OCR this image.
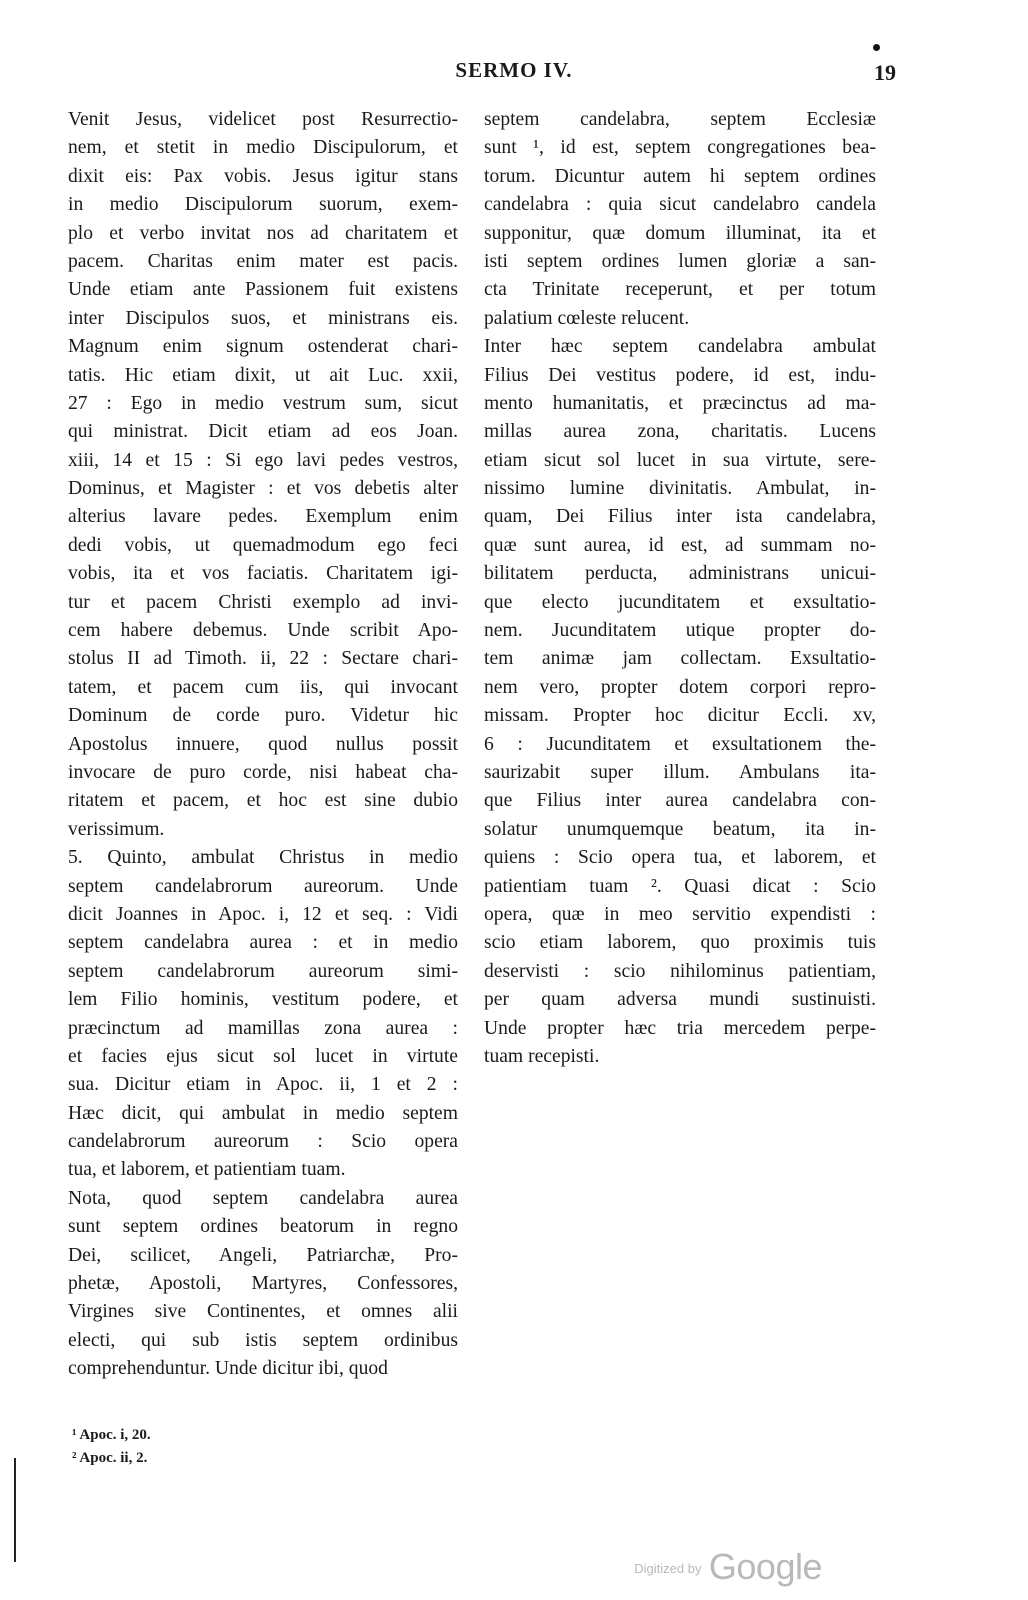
SERMO IV.	19
Venit Jesus, videlicet post Resurrectio-
nem, et stetit in medio Discipulorum, et
dixit eis: Pax vobis. Jesus igitur stans
in medio Discipulorum suorum, exem-
plo et verbo invitat nos ad charitatem et
pacem. Charitas enim mater est pacis.
Unde etiam ante Passionem fuit existens
inter Discipulos suos, et ministrans eis.
Magnum enim signum ostenderat chari-
tatis. Hic etiam dixit, ut ait Luc. xxii,
27 : Ego in medio vestrum sum, sicut
qui ministrat. Dicit etiam ad eos Joan.
xiii, 14 et 15 : Si ego lavi pedes vestros,
Dominus, et Magister : et vos debetis alter
alterius lavare pedes. Exemplum enim
dedi vobis, ut quemadmodum ego feci
vobis, ita et vos faciatis. Charitatem igi-
tur et pacem Christi exemplo ad invi-
cem habere debemus. Unde scribit Apo-
stolus II ad Timoth. ii, 22 : Sectare chari-
tatem, et pacem cum iis, qui invocant
Dominum de corde puro. Videtur hic
Apostolus innuere, quod nullus possit
invocare de puro corde, nisi habeat cha-
ritatem et pacem, et hoc est sine dubio
verissimum.
5. Quinto, ambulat Christus in medio
septem candelabrorum aureorum. Unde
dicit Joannes in Apoc. i, 12 et seq. : Vidi
septem candelabra aurea : et in medio
septem candelabrorum aureorum simi-
lem Filio hominis, vestitum podere, et
præcinctum ad mamillas zona aurea :
et facies ejus sicut sol lucet in virtute
sua. Dicitur etiam in Apoc. ii, 1 et 2 :
Hæc dicit, qui ambulat in medio septem
candelabrorum aureorum : Scio opera
tua, et laborem, et patientiam tuam.
Nota, quod septem candelabra aurea
sunt septem ordines beatorum in regno
Dei, scilicet, Angeli, Patriarchæ, Pro-
phetæ, Apostoli, Martyres, Confessores,
Virgines sive Continentes, et omnes alii
electi, qui sub istis septem ordinibus
comprehenduntur. Unde dicitur ibi, quod
septem candelabra, septem Ecclesiæ
sunt ¹, id est, septem congregationes bea-
torum. Dicuntur autem hi septem ordines
candelabra : quia sicut candelabro candela
supponitur, quæ domum illuminat, ita et
isti septem ordines lumen gloriæ a san-
cta Trinitate receperunt, et per totum
palatium cœleste relucent.
Inter hæc septem candelabra ambulat
Filius Dei vestitus podere, id est, indu-
mento humanitatis, et præcinctus ad ma-
millas aurea zona, charitatis. Lucens
etiam sicut sol lucet in sua virtute, sere-
nissimo lumine divinitatis. Ambulat, in-
quam, Dei Filius inter ista candelabra,
quæ sunt aurea, id est, ad summam no-
bilitatem perducta, administrans unicui-
que electo jucunditatem et exsultatio-
nem. Jucunditatem utique propter do-
tem animæ jam collectam. Exsultatio-
nem vero, propter dotem corpori repro-
missam. Propter hoc dicitur Eccli. xv,
6 : Jucunditatem et exsultationem the-
saurizabit super illum. Ambulans ita-
que Filius inter aurea candelabra con-
solatur unumquemque beatum, ita in-
quiens : Scio opera tua, et laborem, et
patientiam tuam ². Quasi dicat : Scio
opera, quæ in meo servitio expendisti :
scio etiam laborem, quo proximis tuis
deservisti : scio nihilominus patientiam,
per quam adversa mundi sustinuisti.
Unde propter hæc tria mercedem perpe-
tuam recepisti.
¹ Apoc. i, 20.
² Apoc. ii, 2.
$^{Digitized by}$ Google
